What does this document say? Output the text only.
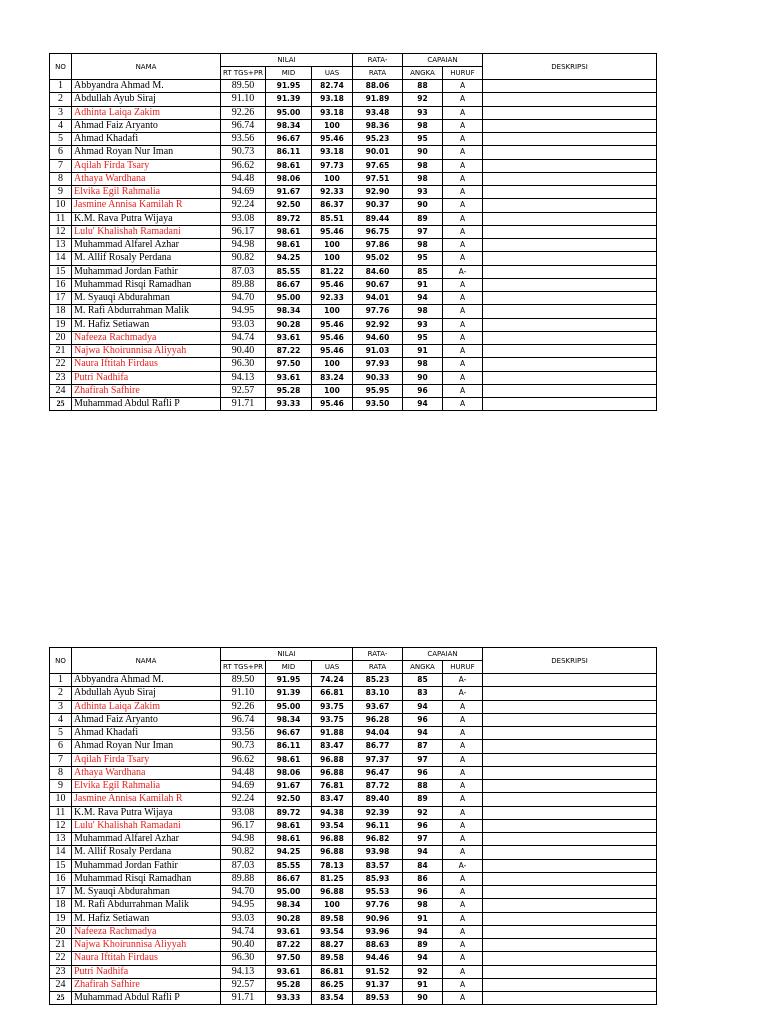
NO	NAMA	NILAI			RATA-	CAPAIAN		DESKRIPSI
		RT TGS+PR	MID	UAS	RATA	ANGKA	HURUF	
1	Abbyandra Ahmad M.	89.50	91.95	82.74	88.06	88	A	
2	Abdullah Ayub Siraj	91.10	91.39	93.18	91.89	92	A	
3	Adhinta Laiqa Zakim	92.26	95.00	93.18	93.48	93	A	
4	Ahmad Faiz Aryanto	96.74	98.34	100	98.36	98	A	
5	Ahmad Khadafi	93.56	96.67	95.46	95.23	95	A	
6	Ahmad Royan Nur Iman	90.73	86.11	93.18	90.01	90	A	
7	Aqilah Firda Tsary	96.62	98.61	97.73	97.65	98	A	
8	Athaya Wardhana	94.48	98.06	100	97.51	98	A	
9	Elvika Egil Rahmalia	94.69	91.67	92.33	92.90	93	A	
10	Jasmine Annisa Kamilah R	92.24	92.50	86.37	90.37	90	A	
11	K.M. Rava Putra Wijaya	93.08	89.72	85.51	89.44	89	A	
12	Lulu' Khalishah Ramadani	96.17	98.61	95.46	96.75	97	A	
13	Muhammad Alfarel Azhar	94.98	98.61	100	97.86	98	A	
14	M. Allif Rosaly Perdana	90.82	94.25	100	95.02	95	A	
15	Muhammad Jordan Fathir	87.03	85.55	81.22	84.60	85	A-	
16	Muhammad Risqi Ramadhan	89.88	86.67	95.46	90.67	91	A	
17	M. Syauqi Abdurahman	94.70	95.00	92.33	94.01	94	A	
18	M. Rafi Abdurrahman Malik	94.95	98.34	100	97.76	98	A	
19	M. Hafiz Setiawan	93.03	90.28	95.46	92.92	93	A	
20	Nafeeza Rachmadya	94.74	93.61	95.46	94.60	95	A	
21	Najwa Khoirunnisa Aliyyah	90.40	87.22	95.46	91.03	91	A	
22	Naura Iftitah Firdaus	96.30	97.50	100	97.93	98	A	
23	Putri Nadhifa	94.13	93.61	83.24	90.33	90	A	
24	Zhafirah Safhire	92.57	95.28	100	95.95	96	A	
25	Muhammad Abdul Rafli P	91.71	93.33	95.46	93.50	94	A	
NO	NAMA	NILAI			RATA-	CAPAIAN		DESKRIPSI
		RT TGS+PR	MID	UAS	RATA	ANGKA	HURUF	
1	Abbyandra Ahmad M.	89.50	91.95	74.24	85.23	85	A-	
2	Abdullah Ayub Siraj	91.10	91.39	66.81	83.10	83	A-	
3	Adhinta Laiqa Zakim	92.26	95.00	93.75	93.67	94	A	
4	Ahmad Faiz Aryanto	96.74	98.34	93.75	96.28	96	A	
5	Ahmad Khadafi	93.56	96.67	91.88	94.04	94	A	
6	Ahmad Royan Nur Iman	90.73	86.11	83.47	86.77	87	A	
7	Aqilah Firda Tsary	96.62	98.61	96.88	97.37	97	A	
8	Athaya Wardhana	94.48	98.06	96.88	96.47	96	A	
9	Elvika Egil Rahmalia	94.69	91.67	76.81	87.72	88	A	
10	Jasmine Annisa Kamilah R	92.24	92.50	83.47	89.40	89	A	
11	K.M. Rava Putra Wijaya	93.08	89.72	94.38	92.39	92	A	
12	Lulu' Khalishah Ramadani	96.17	98.61	93.54	96.11	96	A	
13	Muhammad Alfarel Azhar	94.98	98.61	96.88	96.82	97	A	
14	M. Allif Rosaly Perdana	90.82	94.25	96.88	93.98	94	A	
15	Muhammad Jordan Fathir	87.03	85.55	78.13	83.57	84	A-	
16	Muhammad Risqi Ramadhan	89.88	86.67	81.25	85.93	86	A	
17	M. Syauqi Abdurahman	94.70	95.00	96.88	95.53	96	A	
18	M. Rafi Abdurrahman Malik	94.95	98.34	100	97.76	98	A	
19	M. Hafiz Setiawan	93.03	90.28	89.58	90.96	91	A	
20	Nafeeza Rachmadya	94.74	93.61	93.54	93.96	94	A	
21	Najwa Khoirunnisa Aliyyah	90.40	87.22	88.27	88.63	89	A	
22	Naura Iftitah Firdaus	96.30	97.50	89.58	94.46	94	A	
23	Putri Nadhifa	94.13	93.61	86.81	91.52	92	A	
24	Zhafirah Safhire	92.57	95.28	86.25	91.37	91	A	
25	Muhammad Abdul Rafli P	91.71	93.33	83.54	89.53	90	A	
